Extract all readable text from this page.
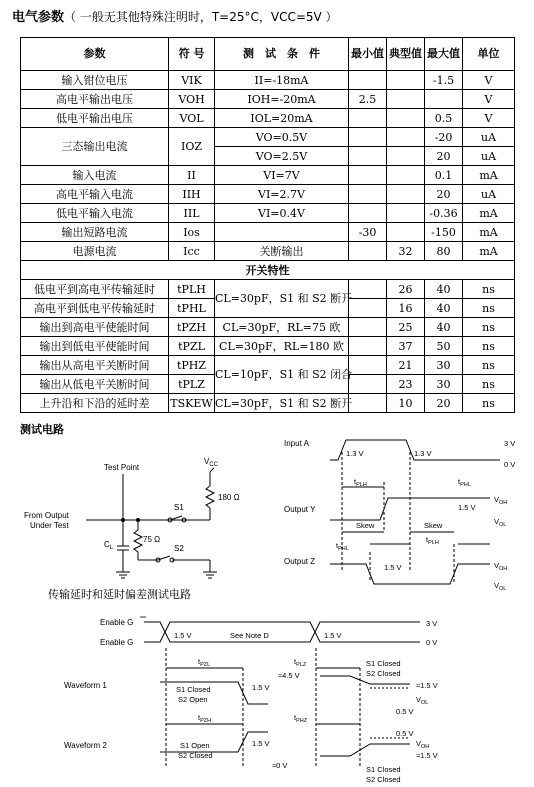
电气参数（ 一般无其他特殊注明时，T=25°C，VCC=5V ）
参数	符 号	测　试　条　件	最小值	典型值	最大值	单位
输入钳位电压	VIK	II=-18mA			-1.5	V
高电平输出电压	VOH	IOH=-20mA	2.5			V
低电平输出电压	VOL	IOL=20mA			0.5	V
三态输出电流	IOZ	VO=0.5V			-20	uA
		VO=2.5V			20	uA
输入电流	II	VI=7V			0.1	mA
高电平输入电流	IIH	VI=2.7V			20	uA
低电平输入电流	IIL	VI=0.4V			-0.36	mA
输出短路电流	Ios		-30		-150	mA
电源电流	Icc	关断输出		32	80	mA
开关特性						
低电平到高电平传输延时	tPLH	CL=30pF，S1 和 S2 断开		26	40	ns
高电平到低电平传输延时	tPHL			16	40	ns
输出到高电平使能时间	tPZH	CL=30pF，RL=75 欧		25	40	ns
输出到低电平使能时间	tPZL	CL=30pF，RL=180 欧		37	50	ns
输出从高电平关断时间	tPHZ	CL=10pF，S1 和 S2 闭合		21	30	ns
输出从低电平关断时间	tPLZ			23	30	ns
上升沿和下沿的延时差	TSKEW	CL=30pF，S1 和 S2 断开		10	20	ns
测试电路
Test Point
$V_{CC}$
180 Ω
75 Ω
S1
S2
$C_L$
From Output
Under Test
Input A
Output Y
Output Z
1.3 V	1.3 V
3 V
0 V
$t_{PLH}$	$t_{PHL}$
$V_{OH}$
$V_{OL}$
1.5 V
Skew	Skew
$t_{PHL}$
$t_{PLH}$
1.5 V	$V_{OH}$
$V_{OL}$
传输延时和延时偏差测试电路
Enable G
Enable G
1.5 V	See Note D	1.5 V
3 V
0 V
$t_{PZL}$	$t_{PLZ}$
Waveform 1	S1 Closed
S2 Open
S1 Closed
S2 Closed
≈4.5 V
1.5 V	≈1.5 V
$V_{OL}$
0.5 V
$t_{PZH}$	$t_{PHZ}$
0.5 V
$V_{OH}$
≈1.5 V
Waveform 2	S1 Open
S2 Closed
1.5 V
≈0 V	S1 Closed
S2 Closed
